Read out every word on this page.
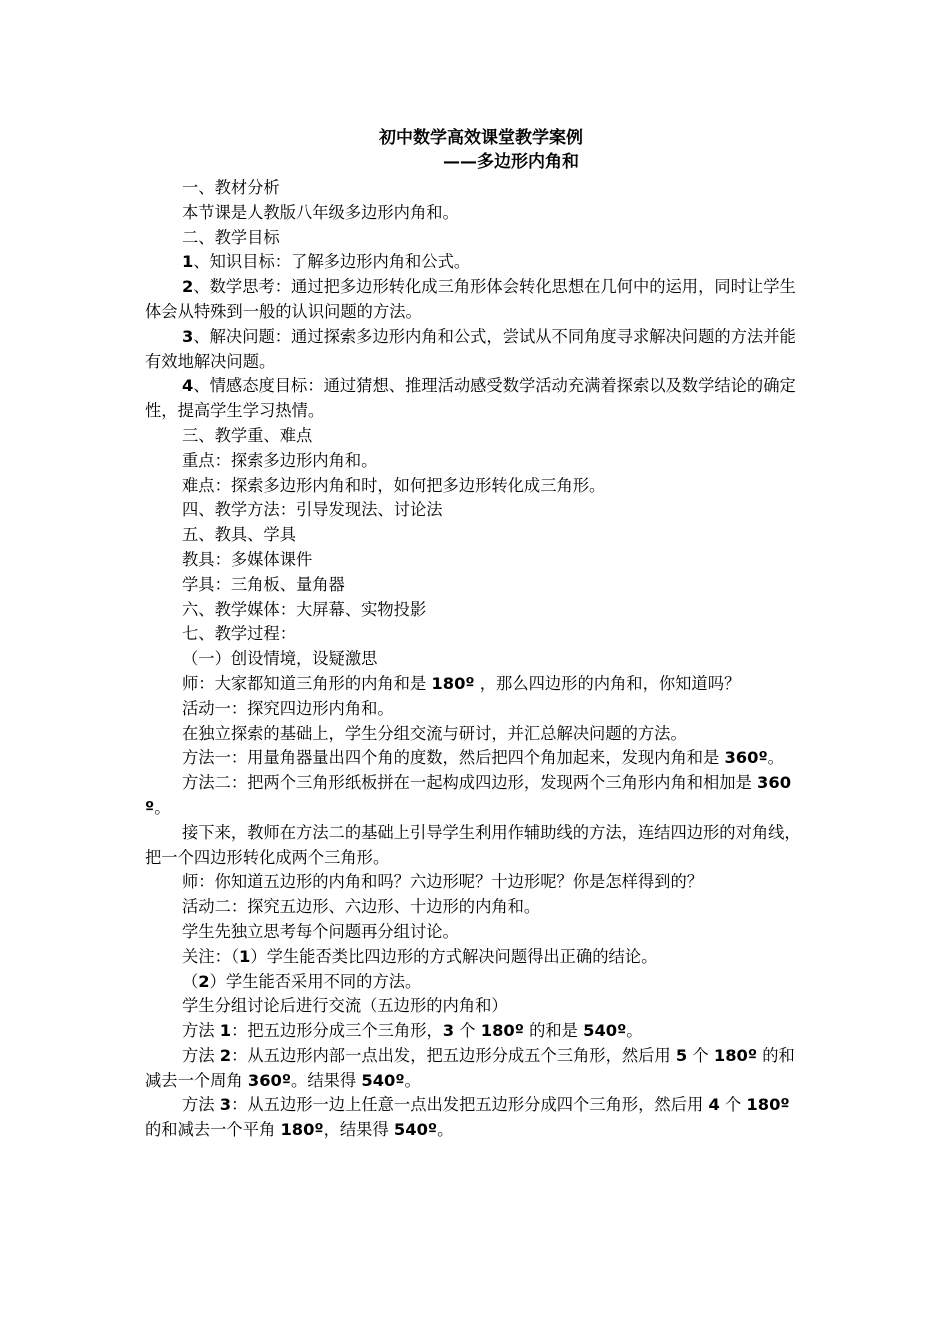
初中数学高效课堂教学案例
——多边形内角和

一、教材分析

本节课是人教版八年级多边形内角和。

二、教学目标

1、知识目标：了解多边形内角和公式。

2、数学思考：通过把多边形转化成三角形体会转化思想在几何中的运用，同时让学生体会从特殊到一般的认识问题的方法。

3、解决问题：通过探索多边形内角和公式，尝试从不同角度寻求解决问题的方法并能有效地解决问题。

4、情感态度目标：通过猜想、推理活动感受数学活动充满着探索以及数学结论的确定性，提高学生学习热情。

三、教学重、难点

重点：探索多边形内角和。

难点：探索多边形内角和时，如何把多边形转化成三角形。

四、教学方法：引导发现法、讨论法

五、教具、学具

教具：多媒体课件

学具：三角板、量角器

六、教学媒体：大屏幕、实物投影

七、教学过程：

（一）创设情境，设疑激思

师：大家都知道三角形的内角和是 180º ，那么四边形的内角和，你知道吗？

活动一：探究四边形内角和。

在独立探索的基础上，学生分组交流与研讨，并汇总解决问题的方法。

方法一：用量角器量出四个角的度数，然后把四个角加起来，发现内角和是 360º。

方法二：把两个三角形纸板拼在一起构成四边形，发现两个三角形内角和相加是 360º。

接下来，教师在方法二的基础上引导学生利用作辅助线的方法，连结四边形的对角线，把一个四边形转化成两个三角形。

师：你知道五边形的内角和吗？六边形呢？十边形呢？你是怎样得到的？

活动二：探究五边形、六边形、十边形的内角和。

学生先独立思考每个问题再分组讨论。

关注：（1）学生能否类比四边形的方式解决问题得出正确的结论。

（2）学生能否采用不同的方法。

学生分组讨论后进行交流（五边形的内角和）

方法 1：把五边形分成三个三角形，3 个 180º 的和是 540º。

方法 2：从五边形内部一点出发，把五边形分成五个三角形，然后用 5 个 180º 的和减去一个周角 360º。结果得 540º。

方法 3：从五边形一边上任意一点出发把五边形分成四个三角形，然后用 4 个 180º 的和减去一个平角 180º，结果得 540º。
